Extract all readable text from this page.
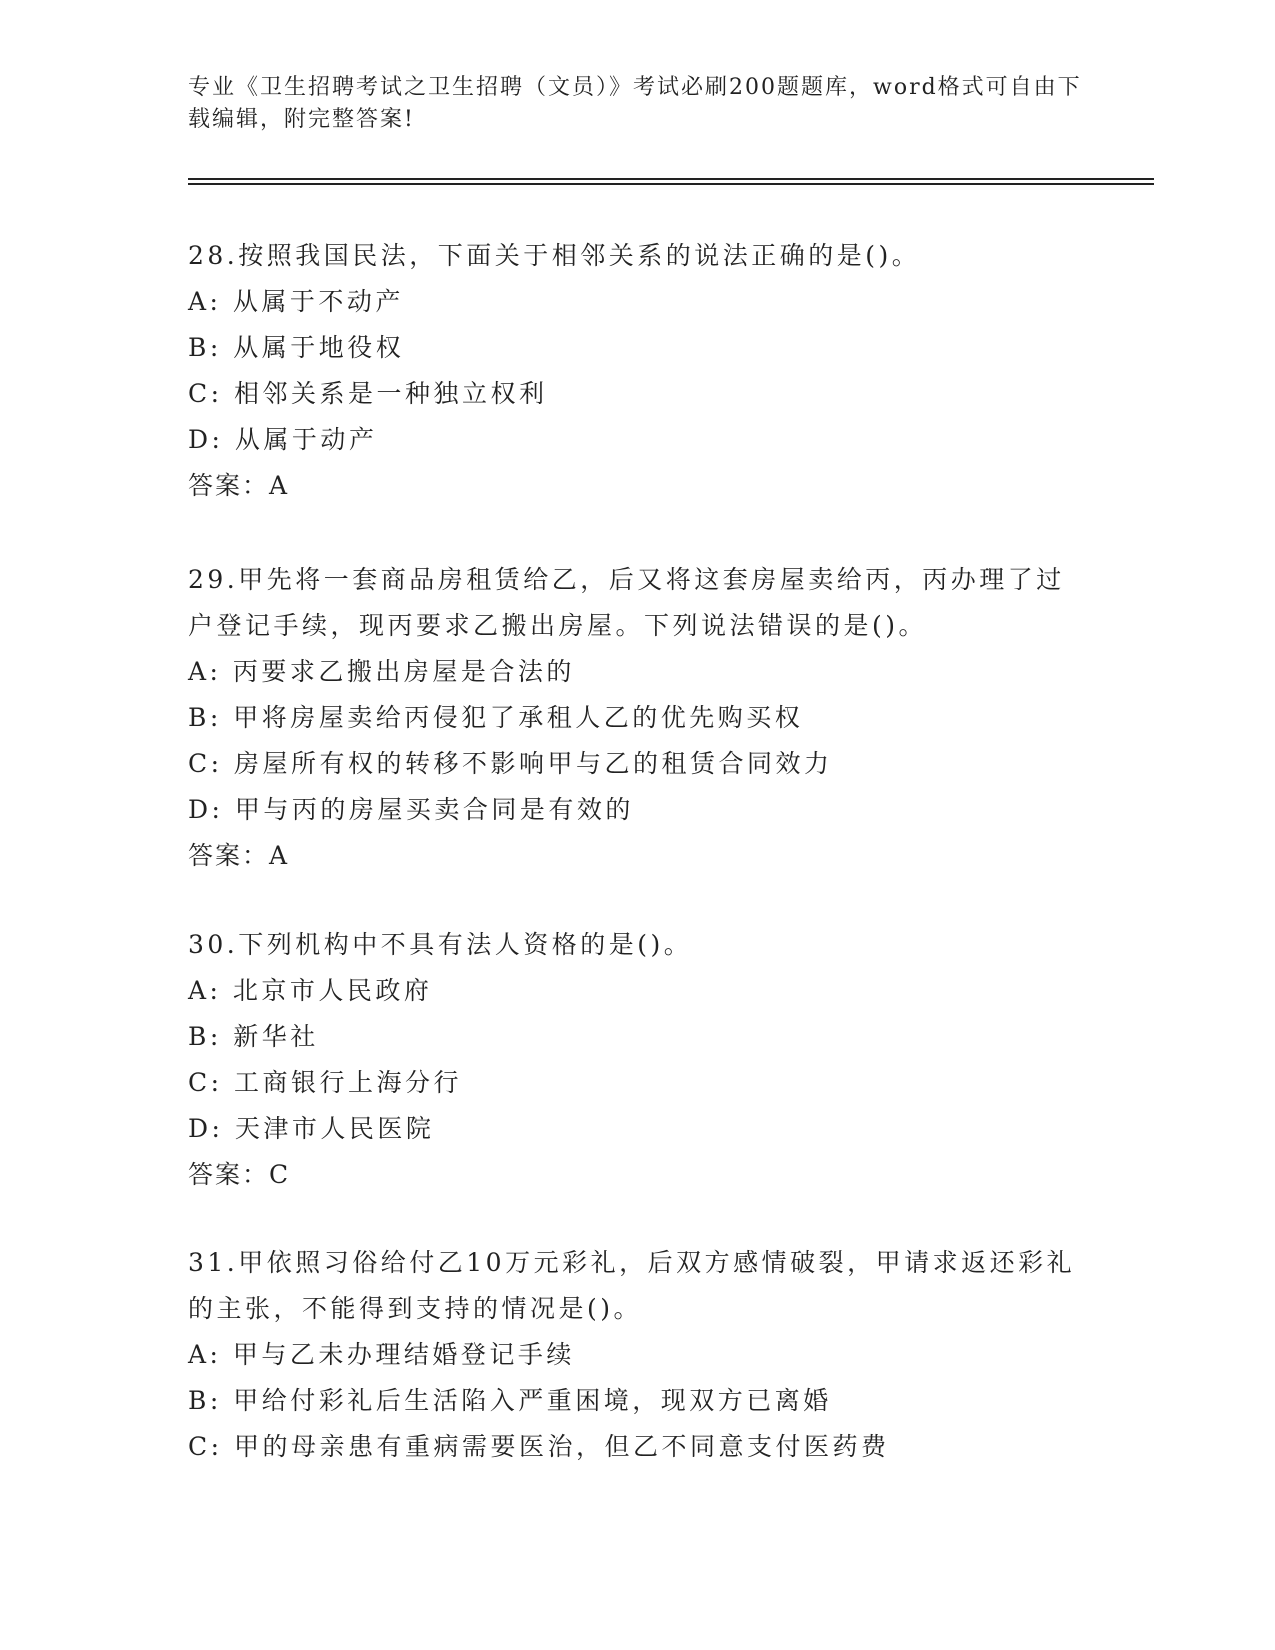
专业《卫生招聘考试之卫生招聘（文员）》考试必刷200题题库，word格式可自由下载编辑，附完整答案!
28.按照我国民法，下面关于相邻关系的说法正确的是()。
A: 从属于不动产
B: 从属于地役权
C: 相邻关系是一种独立权利
D: 从属于动产
答案：A
29.甲先将一套商品房租赁给乙，后又将这套房屋卖给丙，丙办理了过户登记手续，现丙要求乙搬出房屋。下列说法错误的是()。
A: 丙要求乙搬出房屋是合法的
B: 甲将房屋卖给丙侵犯了承租人乙的优先购买权
C: 房屋所有权的转移不影响甲与乙的租赁合同效力
D: 甲与丙的房屋买卖合同是有效的
答案：A
30.下列机构中不具有法人资格的是()。
A: 北京市人民政府
B: 新华社
C: 工商银行上海分行
D: 天津市人民医院
答案：C
31.甲依照习俗给付乙10万元彩礼，后双方感情破裂，甲请求返还彩礼的主张，不能得到支持的情况是()。
A: 甲与乙未办理结婚登记手续
B: 甲给付彩礼后生活陷入严重困境，现双方已离婚
C: 甲的母亲患有重病需要医治，但乙不同意支付医药费
